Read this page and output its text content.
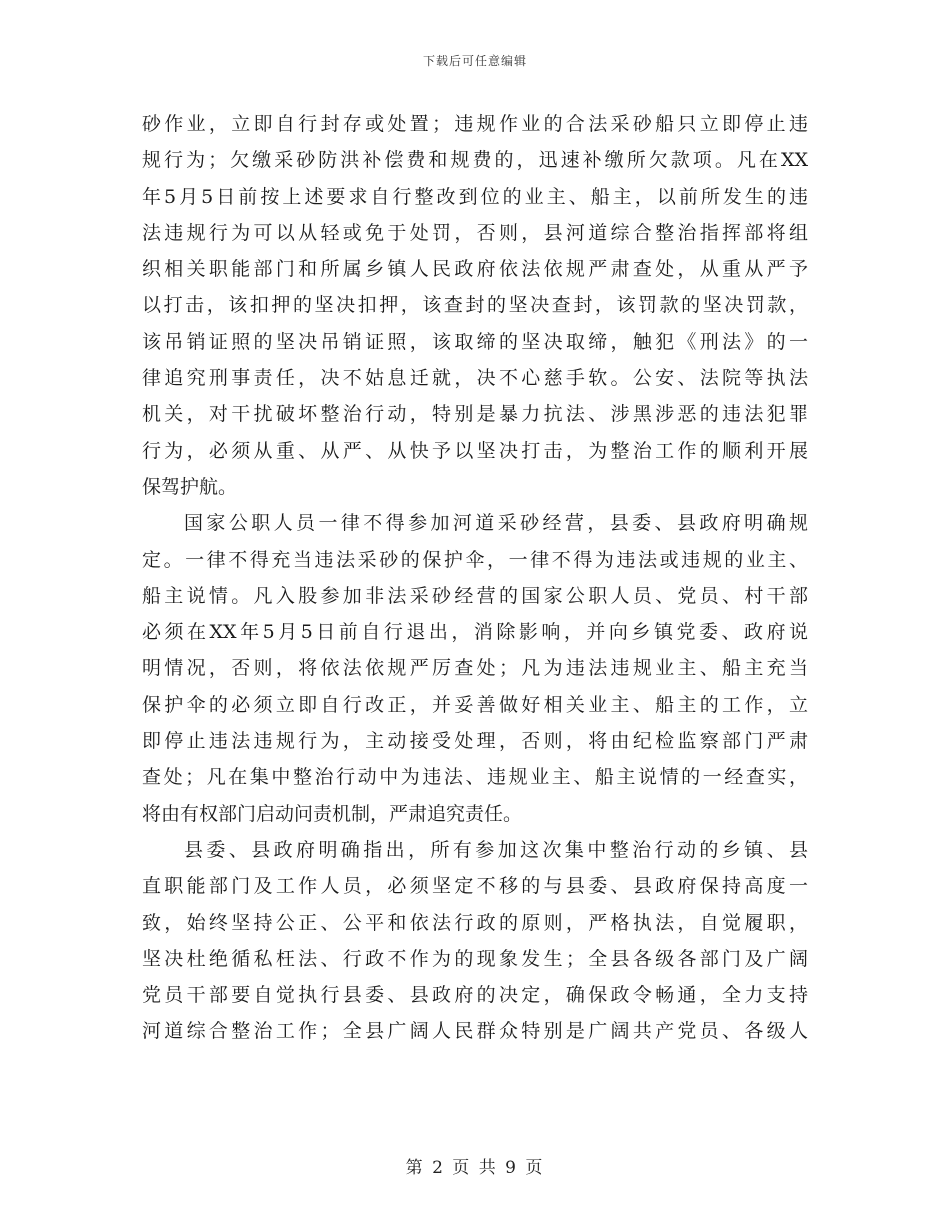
下载后可任意编辑
砂作业，立即自行封存或处置；违规作业的合法采砂船只立即停止违
规行为；欠缴采砂防洪补偿费和规费的，迅速补缴所欠款项。凡在XX
年5月5日前按上述要求自行整改到位的业主、船主，以前所发生的违
法违规行为可以从轻或免于处罚，否则，县河道综合整治指挥部将组
织相关职能部门和所属乡镇人民政府依法依规严肃查处，从重从严予
以打击，该扣押的坚决扣押，该查封的坚决查封，该罚款的坚决罚款，
该吊销证照的坚决吊销证照，该取缔的坚决取缔，触犯《刑法》的一
律追究刑事责任，决不姑息迁就，决不心慈手软。公安、法院等执法
机关，对干扰破坏整治行动，特别是暴力抗法、涉黑涉恶的违法犯罪
行为，必须从重、从严、从快予以坚决打击，为整治工作的顺利开展
保驾护航。
国家公职人员一律不得参加河道采砂经营，县委、县政府明确规
定。一律不得充当违法采砂的保护伞，一律不得为违法或违规的业主、
船主说情。凡入股参加非法采砂经营的国家公职人员、党员、村干部
必须在XX年5月5日前自行退出，消除影响，并向乡镇党委、政府说
明情况，否则，将依法依规严厉查处；凡为违法违规业主、船主充当
保护伞的必须立即自行改正，并妥善做好相关业主、船主的工作，立
即停止违法违规行为，主动接受处理，否则，将由纪检监察部门严肃
查处；凡在集中整治行动中为违法、违规业主、船主说情的一经查实，
将由有权部门启动问责机制，严肃追究责任。
县委、县政府明确指出，所有参加这次集中整治行动的乡镇、县
直职能部门及工作人员，必须坚定不移的与县委、县政府保持高度一
致，始终坚持公正、公平和依法行政的原则，严格执法，自觉履职，
坚决杜绝循私枉法、行政不作为的现象发生；全县各级各部门及广阔
党员干部要自觉执行县委、县政府的决定，确保政令畅通，全力支持
河道综合整治工作；全县广阔人民群众特别是广阔共产党员、各级人
第 2 页 共 9 页
